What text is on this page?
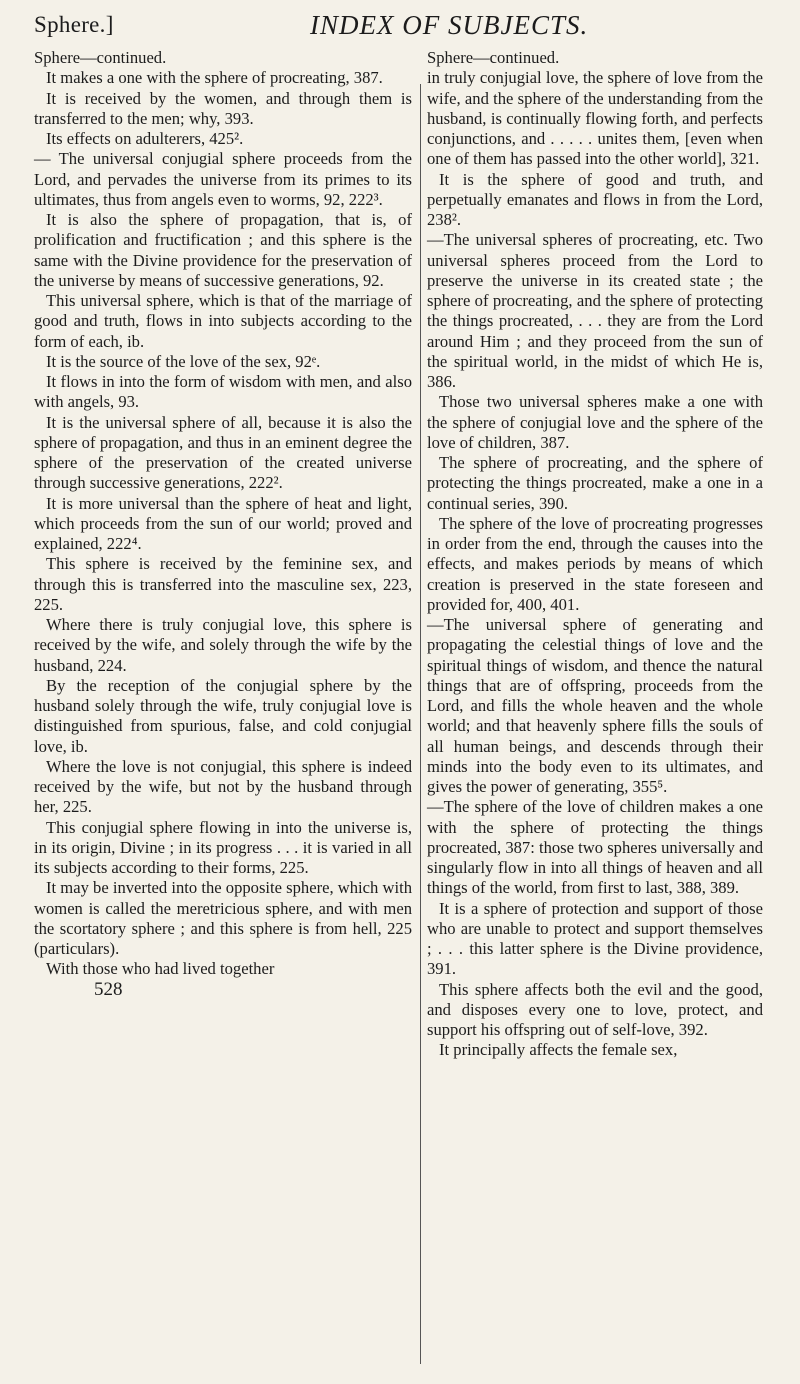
Sphere.]	INDEX OF SUBJECTS.

Sphere—continued.

It makes a one with the sphere of procreating, 387.

It is received by the women, and through them is transferred to the men; why, 393.

Its effects on adulterers, 425².

— The universal conjugial sphere proceeds from the Lord, and pervades the universe from its primes to its ultimates, thus from angels even to worms, 92, 222³.

It is also the sphere of propagation, that is, of prolification and fructification ; and this sphere is the same with the Divine providence for the preservation of the universe by means of successive generations, 92.

This universal sphere, which is that of the marriage of good and truth, flows in into subjects according to the form of each, ib.

It is the source of the love of the sex, 92ᵉ.

It flows in into the form of wisdom with men, and also with angels, 93.

It is the universal sphere of all, because it is also the sphere of propagation, and thus in an eminent degree the sphere of the preservation of the created universe through successive generations, 222².

It is more universal than the sphere of heat and light, which proceeds from the sun of our world; proved and explained, 222⁴.

This sphere is received by the feminine sex, and through this is transferred into the masculine sex, 223, 225.

Where there is truly conjugial love, this sphere is received by the wife, and solely through the wife by the husband, 224.

By the reception of the conjugial sphere by the husband solely through the wife, truly conjugial love is distinguished from spurious, false, and cold conjugial love, ib.

Where the love is not conjugial, this sphere is indeed received by the wife, but not by the husband through her, 225.

This conjugial sphere flowing in into the universe is, in its origin, Divine ; in its progress . . . it is varied in all its subjects according to their forms, 225.

It may be inverted into the opposite sphere, which with women is called the meretricious sphere, and with men the scortatory sphere ; and this sphere is from hell, 225 (particulars).

With those who had lived together

528

Sphere—continued.

in truly conjugial love, the sphere of love from the wife, and the sphere of the understanding from the husband, is continually flowing forth, and perfects conjunctions, and . . . . . unites them, [even when one of them has passed into the other world], 321.

It is the sphere of good and truth, and perpetually emanates and flows in from the Lord, 238².

—The universal spheres of procreating, etc. Two universal spheres proceed from the Lord to preserve the universe in its created state ; the sphere of procreating, and the sphere of protecting the things procreated, . . . they are from the Lord around Him ; and they proceed from the sun of the spiritual world, in the midst of which He is, 386.

Those two universal spheres make a one with the sphere of conjugial love and the sphere of the love of children, 387.

The sphere of procreating, and the sphere of protecting the things procreated, make a one in a continual series, 390.

The sphere of the love of procreating progresses in order from the end, through the causes into the effects, and makes periods by means of which creation is preserved in the state foreseen and provided for, 400, 401.

—The universal sphere of generating and propagating the celestial things of love and the spiritual things of wisdom, and thence the natural things that are of offspring, proceeds from the Lord, and fills the whole heaven and the whole world; and that heavenly sphere fills the souls of all human beings, and descends through their minds into the body even to its ultimates, and gives the power of generating, 355⁵.

—The sphere of the love of children makes a one with the sphere of protecting the things procreated, 387: those two spheres universally and singularly flow in into all things of heaven and all things of the world, from first to last, 388, 389.

It is a sphere of protection and support of those who are unable to protect and support themselves ; . . . this latter sphere is the Divine providence, 391.

This sphere affects both the evil and the good, and disposes every one to love, protect, and support his offspring out of self-love, 392.

It principally affects the female sex,
